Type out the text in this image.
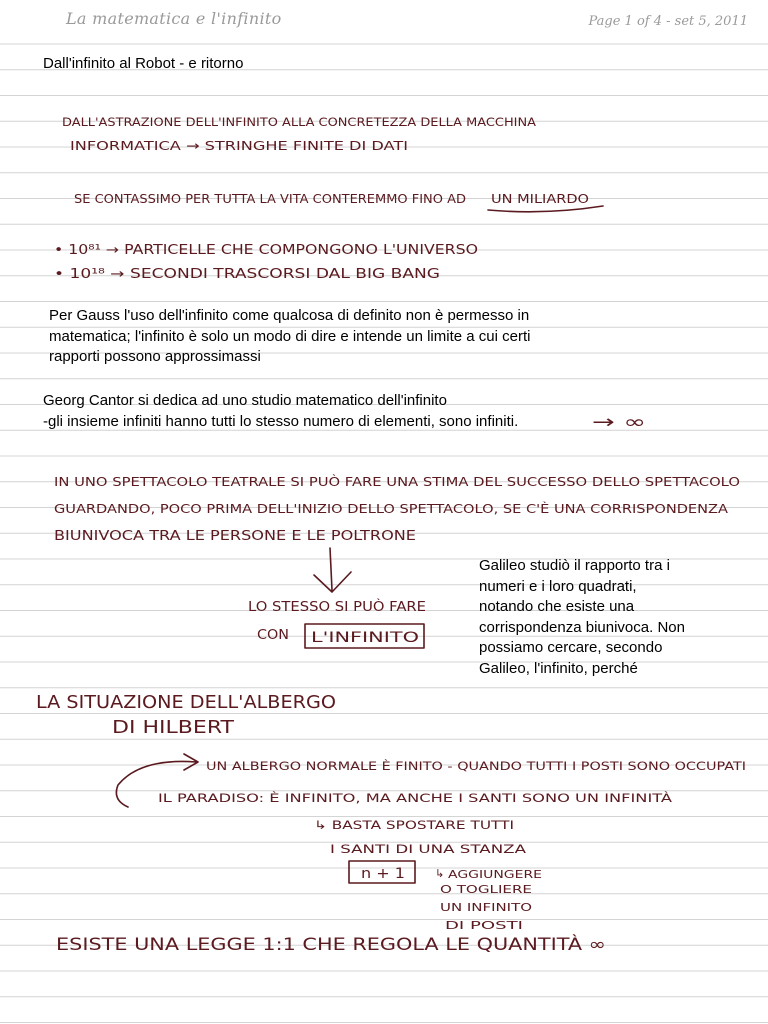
La matematica e l'infinito	Page 1 of 4 - set 5, 2011

Dall'infinito al Robot - e ritorno

Per Gauss l'uso dell'infinito come qualcosa di definito non è permesso in

matematica; l'infinito è solo un modo di dire e intende un limite a cui certi

rapporti possono approssimassi

Georg Cantor si dedica ad uno studio matematico dell'infinito

-gli insieme infiniti hanno tutti lo stesso numero di elementi, sono infiniti.

Galileo studiò il rapporto tra i

numeri e i loro quadrati,

notando che esiste una

corrispondenza biunivoca. Non

possiamo cercare, secondo

Galileo, l'infinito, perché

DALL'ASTRAZIONE DELL'INFINITO ALLA CONCRETEZZA DELLA MACCHINA
INFORMATICA → STRINGHE FINITE DI DATI
SE CONTASSIMO PER TUTTA LA VITA CONTEREMMO FINO AD UN MILIARDO
• 10⁸¹ → PARTICELLE CHE COMPONGONO L'UNIVERSO
• 10¹⁸ → SECONDI TRASCORSI DAL BIG BANG
→ ∞
IN UNO SPETTACOLO TEATRALE SI PUÒ FARE UNA STIMA DEL SUCCESSO DELLO SPETTACOLO
GUARDANDO, POCO PRIMA DELL'INIZIO DELLO SPETTACOLO, SE C'È UNA CORRISPONDENZA
BIUNIVOCA TRA LE PERSONE E LE POLTRONE
LO STESSO SI PUÒ FARE
CON L'INFINITO
LA SITUAZIONE DELL'ALBERGO
DI HILBERT
UN ALBERGO NORMALE È FINITO - QUANDO TUTTI I POSTI SONO OCCUPATI
IL PARADISO: È INFINITO, MA ANCHE I SANTI SONO UN INFINITÀ
↳ BASTA SPOSTARE TUTTI
I SANTI DI UNA STANZA
n + 1	↳ AGGIUNGERE
O TOGLIERE
UN INFINITO
DI POSTI
ESISTE UNA LEGGE 1:1 CHE REGOLA LE QUANTITÀ ∞
